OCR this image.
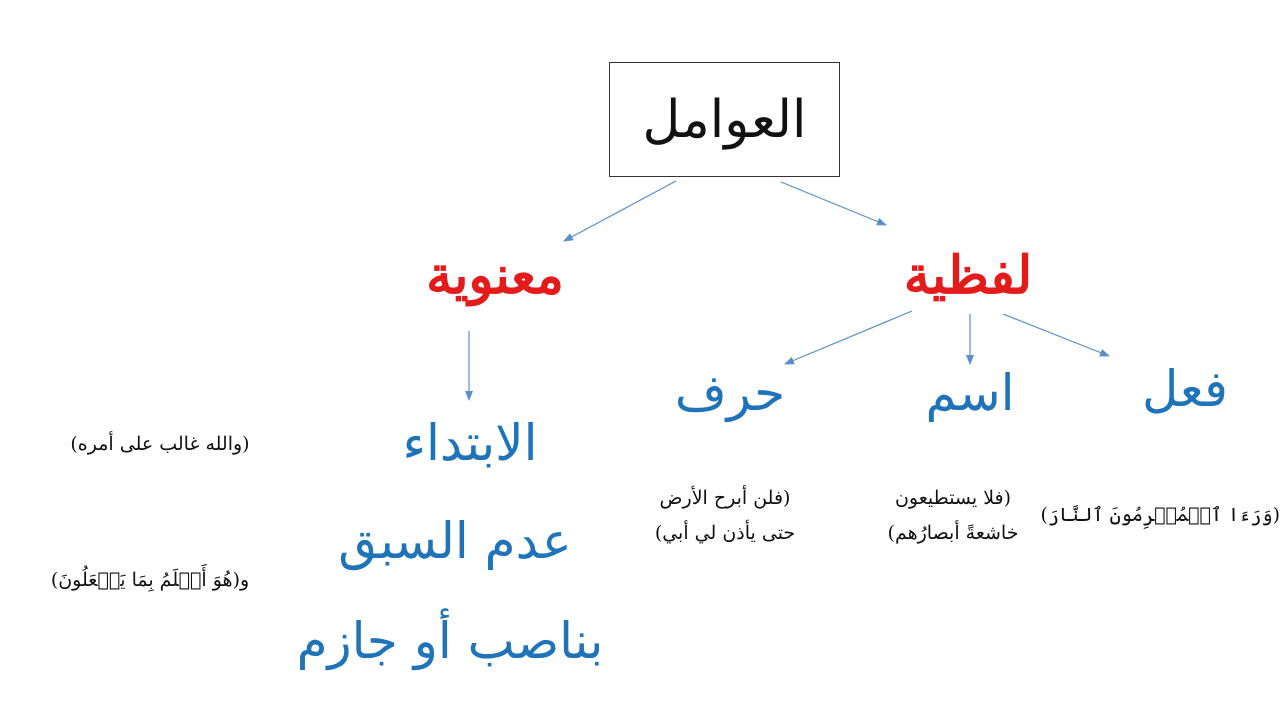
العوامل
لفظية
معنوية
فعل
اسم
حرف
(وَرَءَا ٱلۡمُجۡرِمُونَ ٱلنَّارَ)
(فلا يستطيعون
خاشعةً أبصارُهم)
(فلن أبرح الأرض
حتى يأذن لي أبي)
الابتداء
عدم السبق
بناصب أو جازم
(والله غالب على أمره)
و(هُوَ أَعۡلَمُ بِمَا يَفۡعَلُونَ)
